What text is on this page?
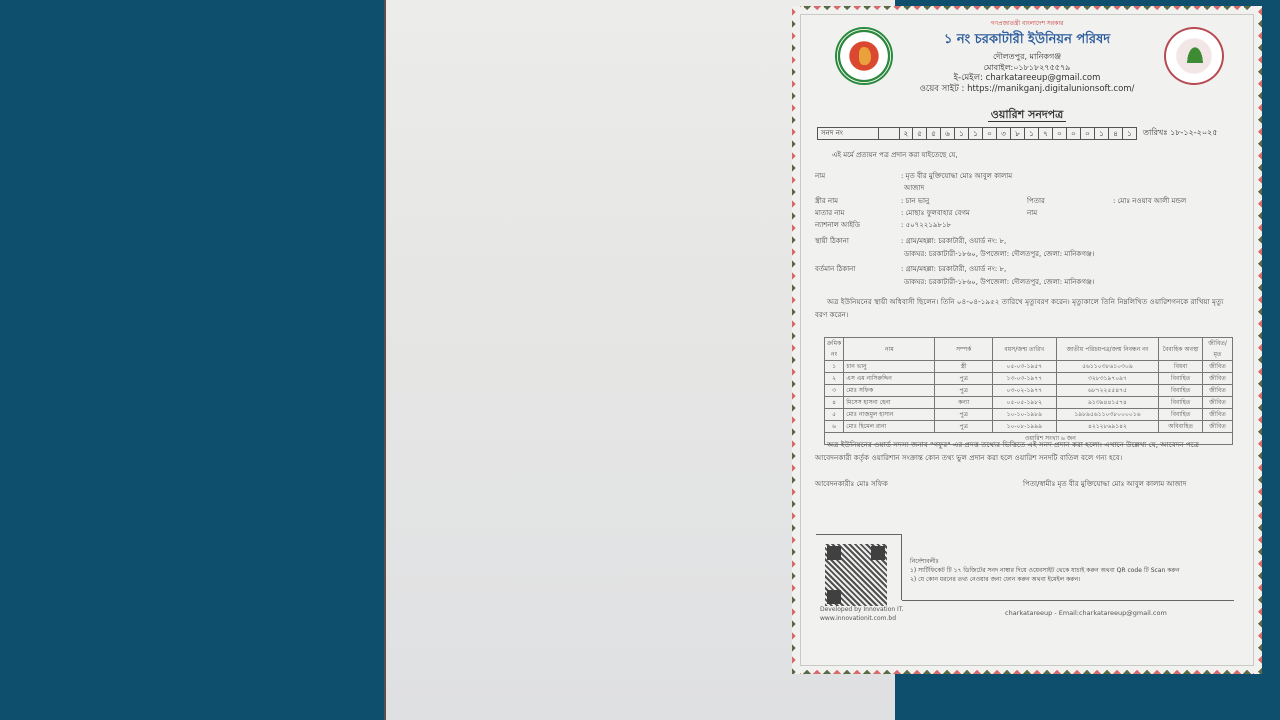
গণপ্রজাতন্ত্রী বাংলাদেশ সরকার
১ নং চরকাটারী ইউনিয়ন পরিষদ
দৌলতপুর, মানিকগঞ্জ
মোবাইল:০১৮১৮২৭৫৫৭৯
ই-মেইল: charkatareeup@gmail.com
ওয়েব সাইট : https://manikganj.digitalunionsoft.com/
ওয়ারিশ সনদপত্র
সনদ নং	২	৫	৫	৬	১	১	০	৩	৮	১	৭	০	০	০	১	৪	১	তারিখঃ ১৮-১২-২০২৫
এই মর্মে প্রত্যয়ন পত্র প্রদান করা যাইতেছে যে,
নাম	: মৃত বীর মুক্তিযোদ্ধা মোঃ আবুল কালাম
আজাদ
স্ত্রীর নাম	: চান ভানু	পিতার নাম
: মোঃ নওয়াব আলী মন্ডল
মাতার নাম	: মোছাঃ ফুলবাহার বেগম
ন্যাশনাল আইডি	: ৫০৭২২১৯৮১৮
স্থায়ী ঠিকানা	: গ্রাম/মহল্লা: চরকাটারী, ওয়ার্ড নং: ৮,
ডাকঘর: চরকাটারী-১৮৬০, উপজেলা: দৌলতপুর, জেলা: মানিকগঞ্জ।
বর্তমান ঠিকানা	: গ্রাম/মহল্লা: চরকাটারী, ওয়ার্ড নং: ৮,
ডাকঘর: চরকাটারী-১৮৬০, উপজেলা: দৌলতপুর, জেলা: মানিকগঞ্জ।
অত্র ইউনিয়নের স্থায়ী অধিবাসী ছিলেন। তিনি ০৪-০৪-১৯৫২ তারিখে মৃত্যুবরণ করেন। মৃত্যুকালে তিনি নিম্নলিখিত ওয়ারিশগনকে রাখিয়া মৃত্যু বরণ করেন।
ক্রমিক নং	নাম	সম্পর্ক	বয়স/জন্ম তারিখ	জাতীয় পরিচয়পত্র/জন্ম নিবন্ধন নং	বৈবাহিক অবস্থা	জীবিত/মৃত
১	চান ভানু	স্ত্রী	০৫-০৩-১৯৫৭	৫৬১১০৩৮৬১০৩০৯	বিধবা	জীবিত
২	এস এম নাসিরুদ্দিন	পুত্র	১৩-০৩-১৯৭৭	৩২৮৩১৯৭০৯৭	বিবাহিত	জীবিত
৩	মোঃ সফিক	পুত্র	০৩-০২-১৯৭৭	৬৮৭২২৫৫৪৭৫	বিবাহিত	জীবিত
৪	মিসেস হাসনা হেনা	কন্যা	০৫-০৫-১৯৮২	৯১৩৯৪৪১৫৭৪	বিবাহিত	জীবিত
৫	মোঃ নাজমুল হাসান	পুত্র	১০-১০-১৯৮৯	১৯৮৯৫৬১১০৩৮০০০০১৬	বিবাহিত	জীবিত
৬	মোঃ হিমেল রানা	পুত্র	১০-০৮-১৯৯৯	৪২১২৮৬৯১৪২	অবিবাহিত	জীবিত
ওয়ারিশ সংখ্যা ৬ জন						
অত্র ইউনিয়নের ওয়ার্ড সদস্য জনাব "গফুর" এর প্রদত্ত তথ্যের ভিত্তিতে এই সনদ প্রদান করা হলো। এখানে উল্লেখ্য যে, আবেদন পত্রে আবেদনকারী কর্তৃক ওয়ারিশান সংক্রান্ত কোন তথ্য ভুল প্রদান করা হলে ওয়ারিশ সনদটি বাতিল বলে গন্য হবে।
আবেদনকারীঃ মোঃ সফিক	পিতা/স্বামীঃ মৃত বীর মুক্তিযোদ্ধা মোঃ আবুল কালাম আজাদ
Developed by Innovation IT.
www.innovationit.com.bd
নির্দেশাবলীঃ
১) সার্টিফিকেট টি ১৭ ডিজিটের সনদ নাম্বার দিয়ে ওয়েবসাইট থেকে যাচাই করুন অথবা QR code টি Scan করুন
২) যে কোন ধরনের তথ্য নেওয়ার জন্য ফোন করুন অথবা ইমেইল করুন।
charkatareeup - Email:charkatareeup@gmail.com
